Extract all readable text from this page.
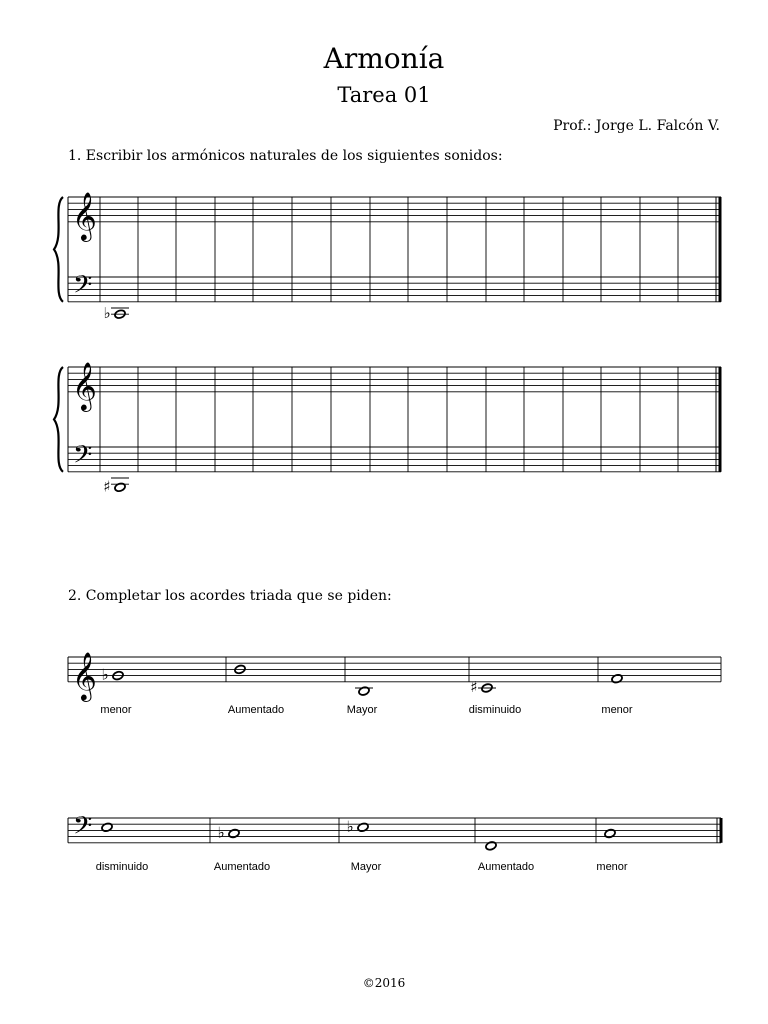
Armonía
Tarea 01
Prof.: Jorge L. Falcón V.
1. Escribir los armónicos naturales de los siguientes sonidos:
2. Completar los acordes triada que se piden:
©2016
𝄞
𝄢
♭
𝄞
𝄢
♯
𝄞 ♭
menor	Aumentado	Mayor
♯
disminuido	menor
𝄢
disminuido
♭
Aumentado
♭
Mayor	Aumentado	menor
